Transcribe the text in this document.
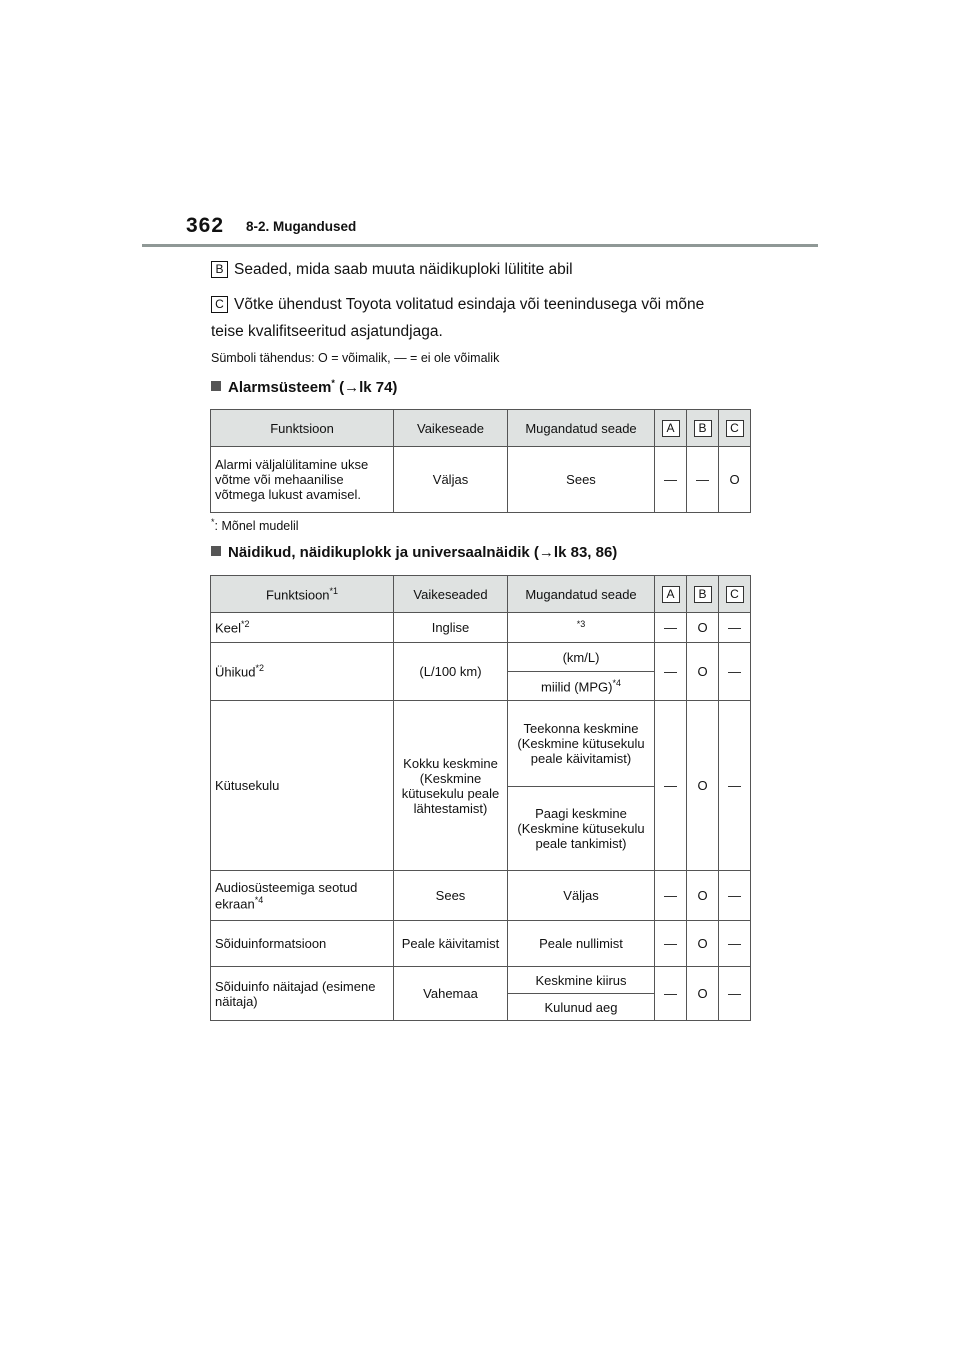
362 8-2. Mugandused
B Seaded, mida saab muuta näidikuploki lülitite abil
C Võtke ühendust Toyota volitatud esindaja või teenindusega või mõne
teise kvalifitseeritud asjatundjaga.
Sümboli tähendus: O = võimalik, — = ei ole võimalik
Alarmsüsteem* (→lk 74)
Funktsioon	Vaikeseade	Mugandatud seade	A	B	C
Alarmi väljalülitamine ukse võtme või mehaanilise võtmega lukust avamisel.	Väljas	Sees	—	—	O
*: Mõnel mudelil
Näidikud, näidikuplokk ja universaalnäidik (→lk 83, 86)
Funktsioon$^{*1}$	Vaikeseaded	Mugandatud seade	A	B	C
Keel$^{*2}$	Inglise	$^{*3}$	—	O	—
Ühikud$^{*2}$	(L/100 km)	(km/L)	—	O	—
		miilid (MPG)$^{*4}$
Kütusekulu	Kokku keskmine (Keskmine kütusekulu peale lähtestamist)	Teekonna keskmine (Keskmine kütusekulu peale käivitamist)	—	O	—
		Paagi keskmine (Keskmine kütusekulu peale tankimist)			
Audiosüsteemiga seotud ekraan$^{*4}$	Sees	Väljas	—	O	—
Sõiduinformatsioon	Peale käivitamist	Peale nullimist	—	O	—
Sõiduinfo näitajad (esimene näitaja)	Vahemaa	Keskmine kiirus	—	O	—
		Kulunud aeg			
